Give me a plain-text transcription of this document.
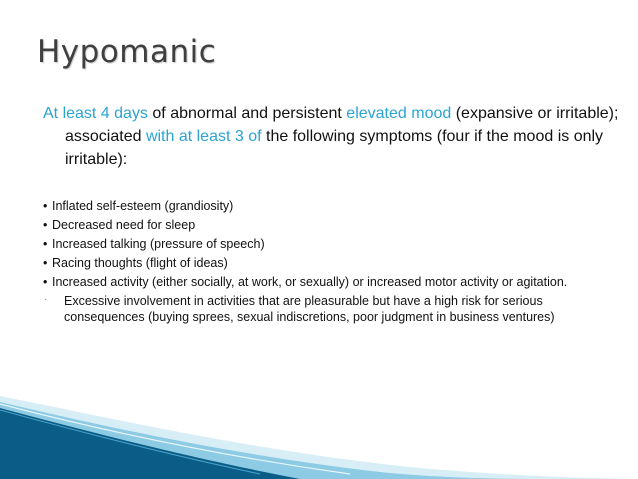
Hypomanic
At least 4 days of abnormal and persistent elevated mood (expansive or irritable); associated with at least 3 of the following symptoms (four if the mood is only irritable):
• Inflated self-esteem (grandiosity)
• Decreased need for sleep
• Increased talking (pressure of speech)
• Racing thoughts (flight of ideas)
• Increased activity (either socially, at work, or sexually) or increased motor activity or agitation.
· Excessive involvement in activities that are pleasurable but have a high risk for serious consequences (buying sprees, sexual indiscretions, poor judgment in business ventures)
